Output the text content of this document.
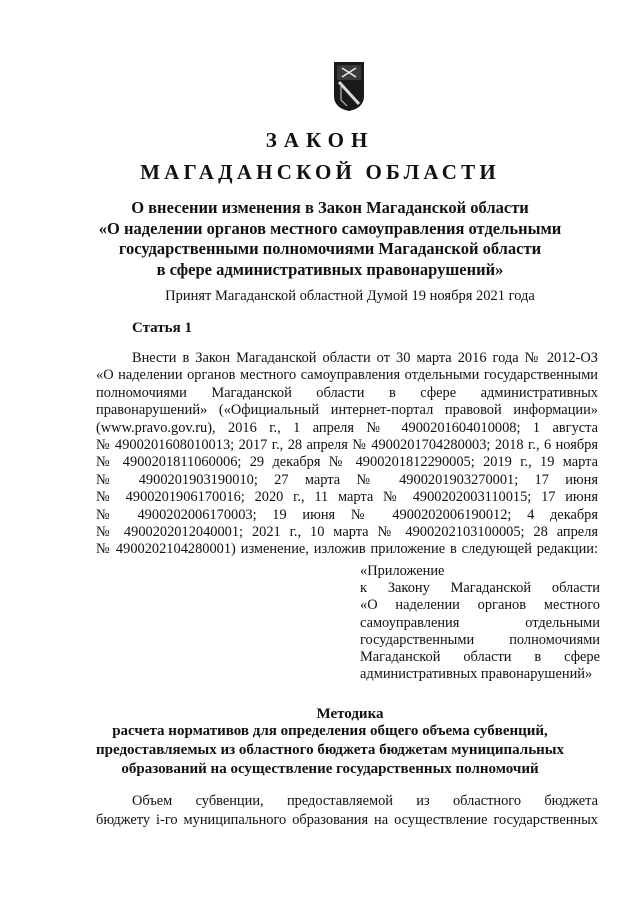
ЗАКОН
МАГАДАНСКОЙ ОБЛАСТИ
О внесении изменения в Закон Магаданской области
«О наделении органов местного самоуправления отдельными
государственными полномочиями Магаданской области
в сфере административных правонарушений»
Принят Магаданской областной Думой 19 ноября 2021 года
Статья 1
Внести в Закон Магаданской области от 30 марта 2016 года № 2012-ОЗ
«О наделении органов местного самоуправления отдельными государственными
полномочиями Магаданской области в сфере административных
правонарушений» («Официальный интернет-портал правовой информации»
(www.pravo.gov.ru), 2016 г., 1 апреля № 4900201604010008; 1 августа
№ 4900201608010013; 2017 г., 28 апреля № 4900201704280003; 2018 г., 6 ноября
№ 4900201811060006; 29 декабря № 4900201812290005; 2019 г., 19 марта
№ 4900201903190010; 27 марта № 4900201903270001; 17 июня
№ 4900201906170016; 2020 г., 11 марта № 4900202003110015; 17 июня
№ 4900202006170003; 19 июня № 4900202006190012; 4 декабря
№ 4900202012040001; 2021 г., 10 марта № 4900202103100005; 28 апреля
№ 4900202104280001) изменение, изложив приложение в следующей редакции:
«Приложение
к Закону Магаданской области
«О наделении органов местного
самоуправления отдельными
государственными полномочиями
Магаданской области в сфере
административных правонарушений»
Методика
расчета нормативов для определения общего объема субвенций,
предоставляемых из областного бюджета бюджетам муниципальных
образований на осуществление государственных полномочий
Объем субвенции, предоставляемой из областного бюджета
бюджету i-го муниципального образования на осуществление государственных
